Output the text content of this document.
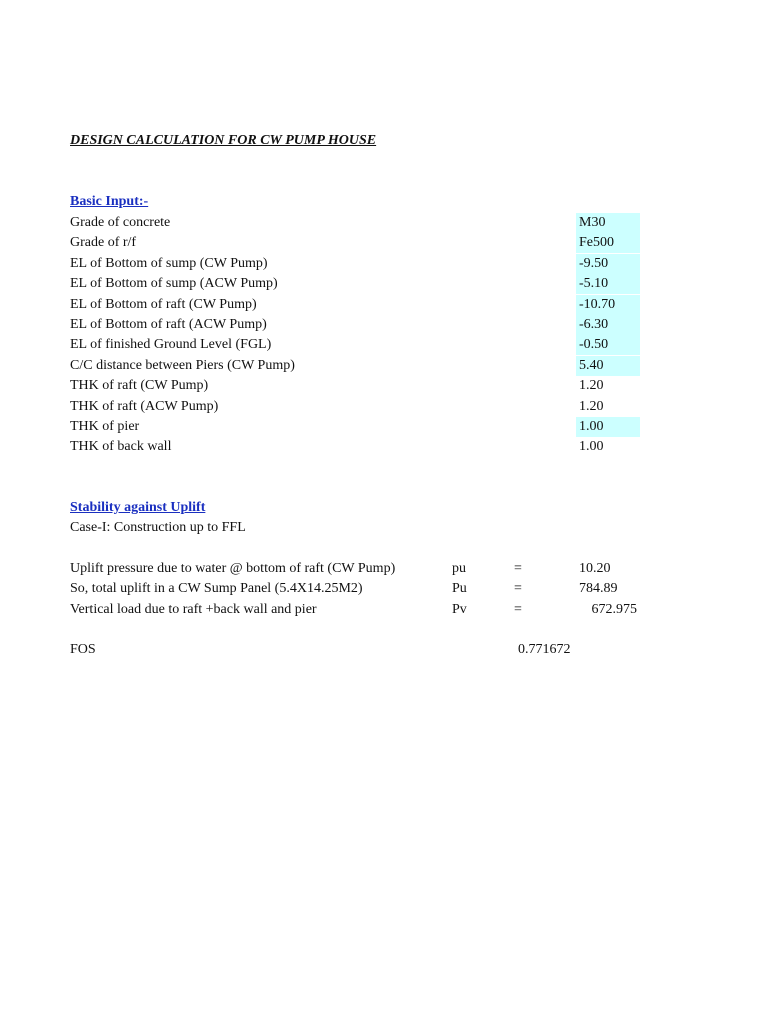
DESIGN CALCULATION FOR CW PUMP HOUSE
Basic Input:-
Grade of concrete	M30
Grade of r/f	Fe500
EL of Bottom of sump (CW Pump)	-9.50
EL of Bottom of sump (ACW Pump)	-5.10
EL of Bottom of raft (CW Pump)	-10.70
EL of Bottom of raft (ACW Pump)	-6.30
EL of finished Ground Level (FGL)	-0.50
C/C distance between Piers (CW Pump)	5.40
THK of raft (CW Pump)	1.20
THK of raft (ACW Pump)	1.20
THK of pier	1.00
THK of back wall	1.00
Stability against Uplift
Case-I: Construction up to FFL
Uplift pressure due to water @ bottom of raft (CW Pump)	pu	=	10.20
So, total uplift in a CW Sump Panel (5.4X14.25M2)	Pu	=	784.89
Vertical load due to raft +back wall and pier	Pv	=	672.975
FOS	0.771672
